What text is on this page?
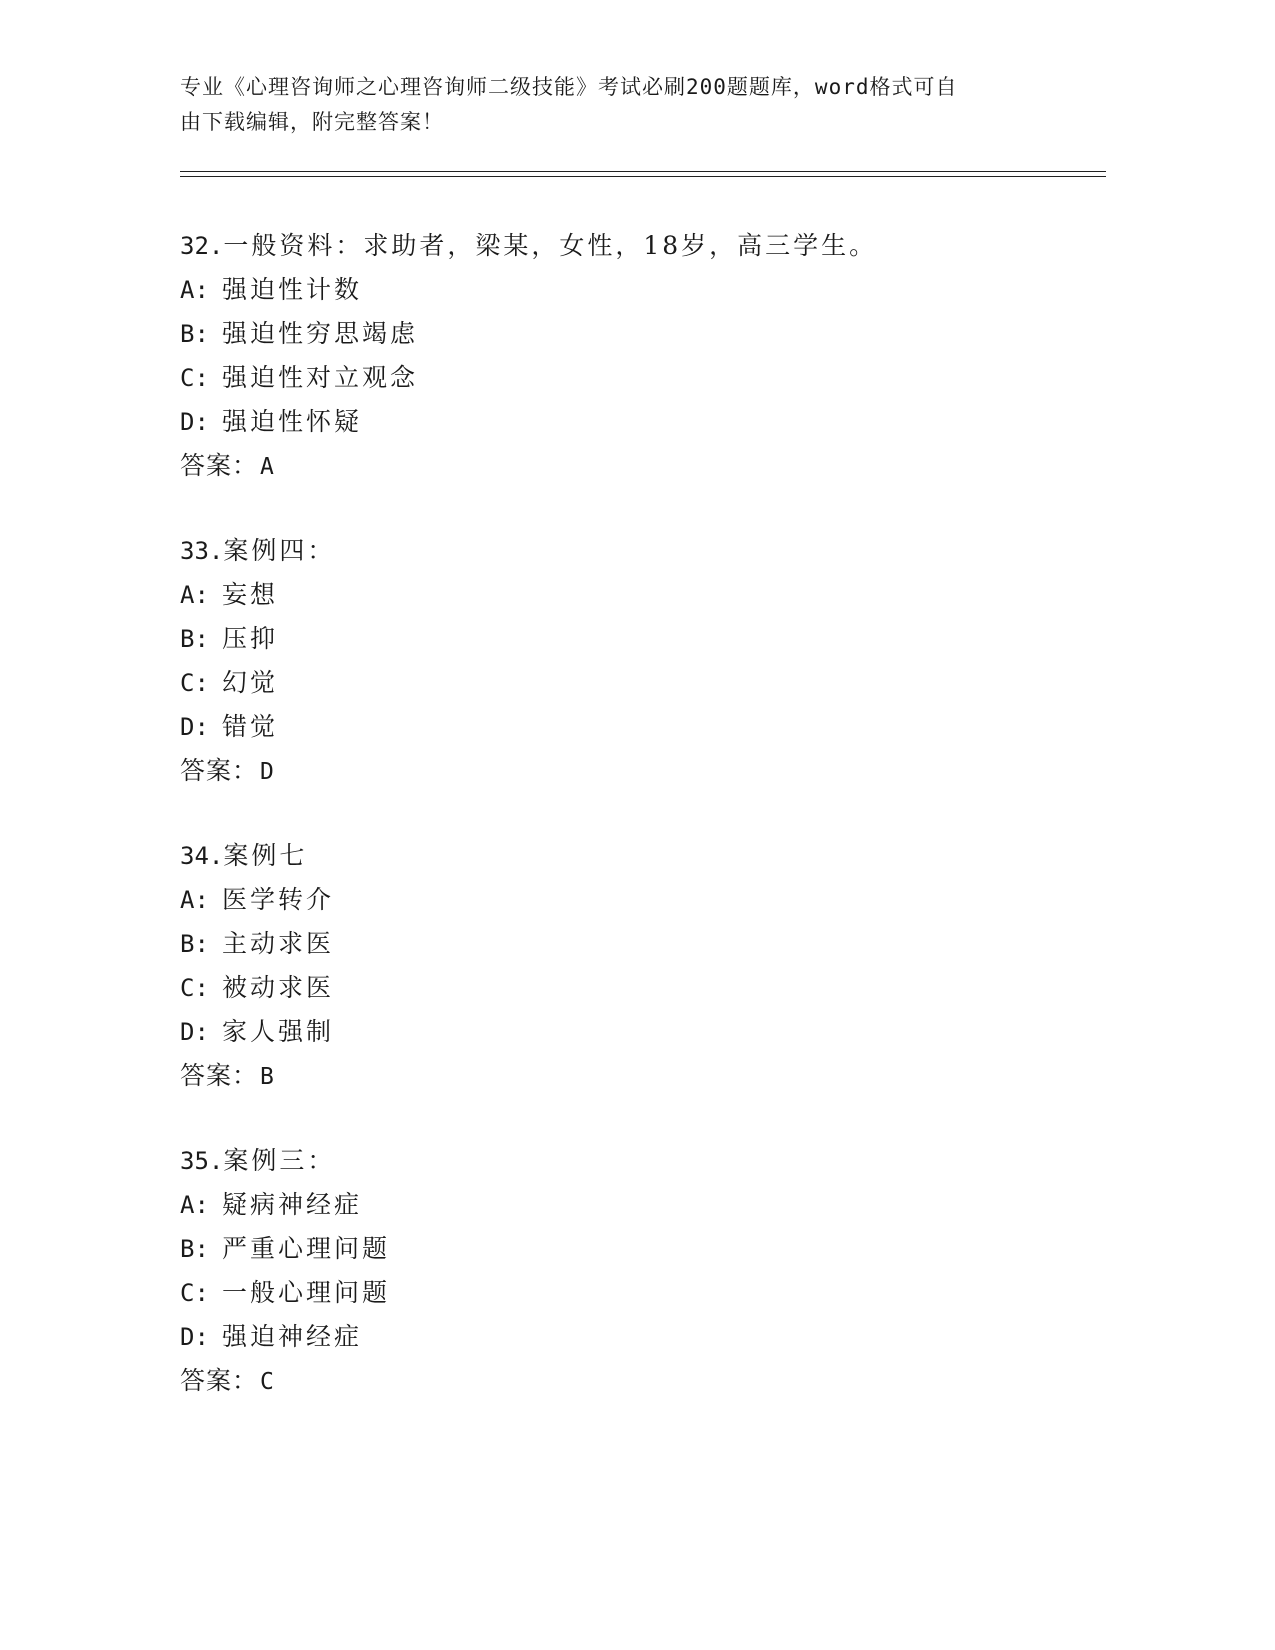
专业《心理咨询师之心理咨询师二级技能》考试必刷200题题库，word格式可自
由下载编辑，附完整答案！
32.一般资料：求助者，梁某，女性，18岁，高三学生。
A: 强迫性计数
B: 强迫性穷思竭虑
C: 强迫性对立观念
D: 强迫性怀疑
答案：A
33.案例四：
A: 妄想
B: 压抑
C: 幻觉
D: 错觉
答案：D
34.案例七
A: 医学转介
B: 主动求医
C: 被动求医
D: 家人强制
答案：B
35.案例三：
A: 疑病神经症
B: 严重心理问题
C: 一般心理问题
D: 强迫神经症
答案：C
